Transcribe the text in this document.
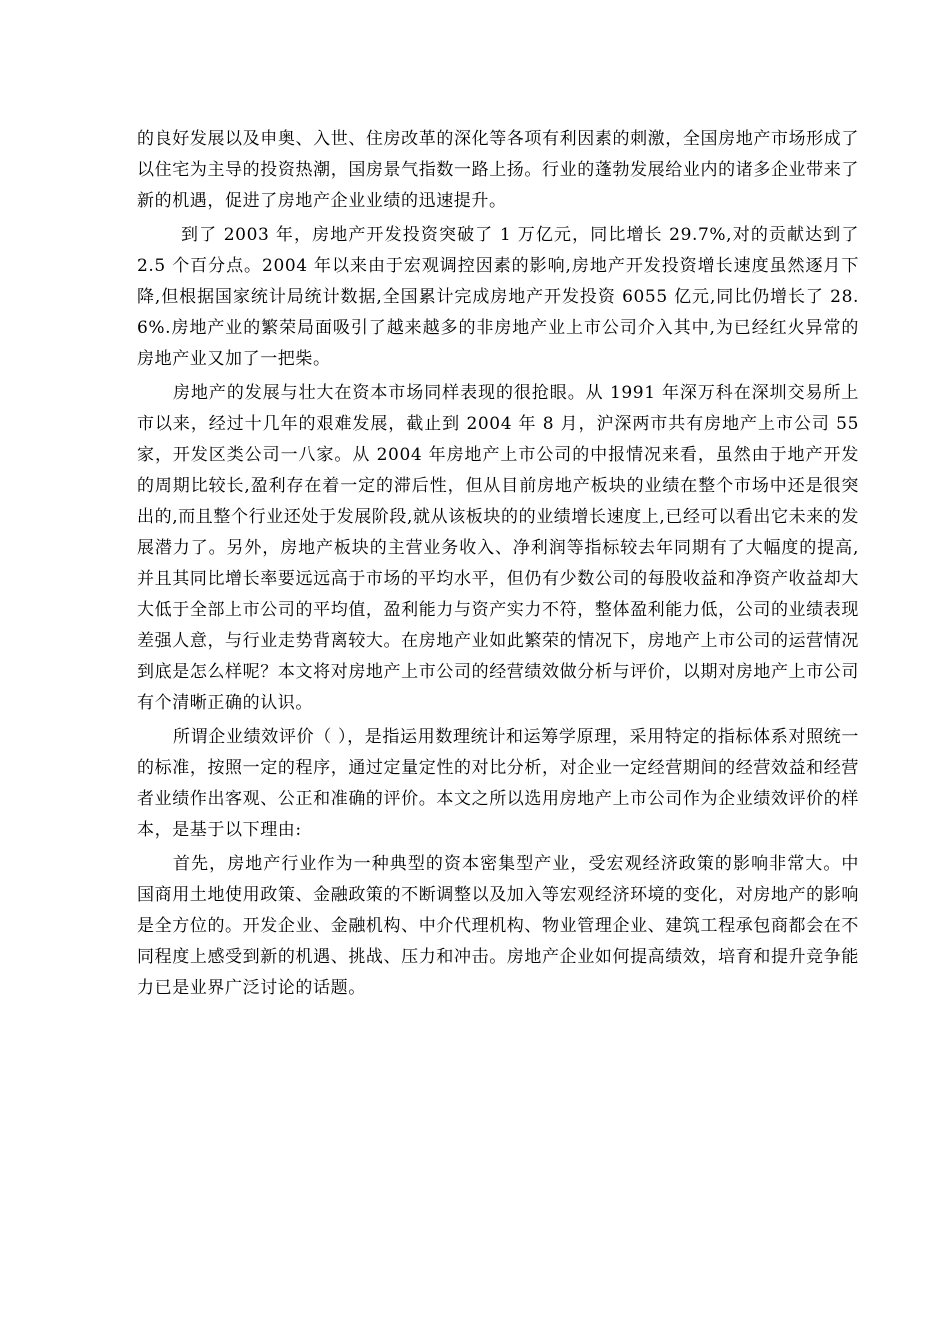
的良好发展以及申奥、入世、住房改革的深化等各项有利因素的刺激，全国房地产市场形成了以住宅为主导的投资热潮，国房景气指数一路上扬。行业的蓬勃发展给业内的诸多企业带来了新的机遇，促进了房地产企业业绩的迅速提升。

到了 2003 年，房地产开发投资突破了 1 万亿元，同比增长 29.7%,对的贡献达到了 2.5 个百分点。2004 年以来由于宏观调控因素的影响,房地产开发投资增长速度虽然逐月下降,但根据国家统计局统计数据,全国累计完成房地产开发投资 6055 亿元,同比仍增长了 28.6%.房地产业的繁荣局面吸引了越来越多的非房地产业上市公司介入其中,为已经红火异常的房地产业又加了一把柴。

房地产的发展与壮大在资本市场同样表现的很抢眼。从 1991 年深万科在深圳交易所上市以来，经过十几年的艰难发展，截止到 2004 年 8 月，沪深两市共有房地产上市公司 55 家，开发区类公司一八家。从 2004 年房地产上市公司的中报情况来看，虽然由于地产开发的周期比较长,盈利存在着一定的滞后性，但从目前房地产板块的业绩在整个市场中还是很突出的,而且整个行业还处于发展阶段,就从该板块的的业绩增长速度上,已经可以看出它未来的发展潜力了。另外，房地产板块的主营业务收入、净利润等指标较去年同期有了大幅度的提高,并且其同比增长率要远远高于市场的平均水平，但仍有少数公司的每股收益和净资产收益却大大低于全部上市公司的平均值，盈利能力与资产实力不符，整体盈利能力低，公司的业绩表现差强人意，与行业走势背离较大。在房地产业如此繁荣的情况下，房地产上市公司的运营情况到底是怎么样呢？本文将对房地产上市公司的经营绩效做分析与评价，以期对房地产上市公司有个清晰正确的认识。

所谓企业绩效评价（ ），是指运用数理统计和运筹学原理，采用特定的指标体系对照统一的标准，按照一定的程序，通过定量定性的对比分析，对企业一定经营期间的经营效益和经营者业绩作出客观、公正和准确的评价。本文之所以选用房地产上市公司作为企业绩效评价的样本，是基于以下理由:

首先，房地产行业作为一种典型的资本密集型产业，受宏观经济政策的影响非常大。中国商用土地使用政策、金融政策的不断调整以及加入等宏观经济环境的变化，对房地产的影响是全方位的。开发企业、金融机构、中介代理机构、物业管理企业、建筑工程承包商都会在不同程度上感受到新的机遇、挑战、压力和冲击。房地产企业如何提高绩效，培育和提升竞争能力已是业界广泛讨论的话题。
